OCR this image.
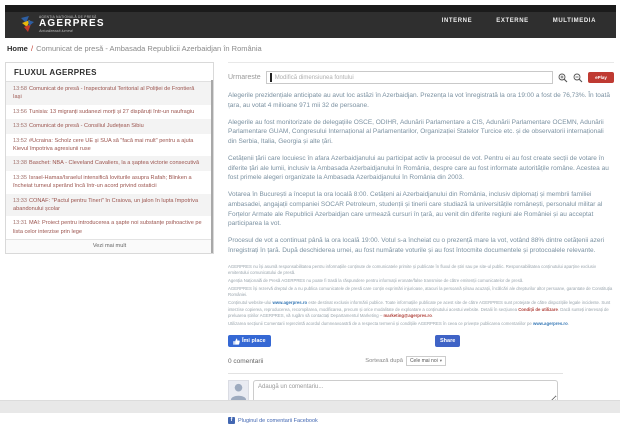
AGENȚIA NAȚIONALĂ DE PRESĂ
AGERPRES
Actualizează lumea!
INTERNE	EXTERNE	MULTIMEDIA
Home / Comunicat de presă - Ambasada Republicii Azerbaidjan în România
FLUXUL AGERPRES
13:58 Comunicat de presă - Inspectoratul Teritorial al Poliției de Frontieră Iași
13:56 Tunisia: 13 migranți sudanezi morți și 27 dispăruți într-un naufragiu
13:53 Comunicat de presă - Consiliul Județean Sibiu
13:52 #Ucraina: Scholz cere UE și SUA să "facă mai mult" pentru a ajuta Kievul împotriva agresiunii ruse
13:38 Baschet: NBA - Cleveland Cavaliers, la a șaptea victorie consecutivă
13:35 Israel-Hamas/Israelul intensifică loviturile asupra Rafah; Blinken a încheiat turneul sperând încă într-un acord privind ostaticii
13:33 CONAF: "Pactul pentru Tineri" în Craiova, un jalon în lupta împotriva abandonului școlar
13:31 MAI: Proiect pentru introducerea a șapte noi substanțe psihoactive pe lista celor interzise prin lege
Vezi mai mult
Urmareste Modifică dimensiunea fontului	ePlay

Alegerile prezidențiale anticipate au avut loc astăzi în Azerbaidjan. Prezența la vot înregistrată la ora 19:00 a fost de 76,73%. În toată țara, au votat 4 milioane 971 mii 32 de persoane.

Alegerile au fost monitorizate de delegațiile OSCE, ODIHR, Adunării Parlamentare a CIS, Adunării Parlamentare OCEMN, Adunării Parlamentare GUAM, Congresului Internațional al Parlamentarilor, Organizației Statelor Turcice etc. și de observatorii internaționali din Serbia, Italia, Georgia și alte țări.

Cetățenii țării care locuiesc în afara Azerbaidjanului au participat activ la procesul de vot. Pentru ei au fost create secții de votare în diferite țări ale lumii, inclusiv la Ambasada Azerbaidjanului în România, despre care au fost informate autoritățile române. Acestea au fost primele alegeri organizate la Ambasada Azerbaidjanului în România din 2003.

Votarea în București a început la ora locală 8:00. Cetățeni ai Azerbaidjanului din România, inclusiv diplomați și membrii familiei ambasadei, angajații companiei SOCAR Petroleum, studenții și tinerii care studiază la universitățile românești, personalul militar al Forțelor Armate ale Republicii Azerbaidjan care urmează cursuri în țară, au venit din diferite regiuni ale României și au acceptat participarea la vot.

Procesul de vot a continuat până la ora locală 19:00. Votul s-a încheiat cu o prezență mare la vot, votând 88% dintre cetățenii azeri înregistrați în țară. După deschiderea urnei, au fost numărate voturile și au fost întocmite documentele și protocoalele relevante.

AGERPRES nu își asumă responsabilitatea pentru informațiile conținute de comunicatele primite și publicate în fluxul de știri sau pe site-ul public. Responsabilitatea conținutului aparține exclusiv emitentului comunicatului de presă.

Agenția Națională de Presă AGERPRES nu poate fi trasă la răspundere pentru informații eronate/false transmise de către emitenții comunicatelor de presă.

AGERPRES își rezervă dreptul de a nu publica comunicatele de presă care conțin exprimări injurioase, atacuri la persoană și/sau acuzații, încălcări ale drepturilor altor persoane, garantate de Constituția României.

Conținutul website-ului www.agerpres.ro este destinat exclusiv informării publice. Toate informațiile publicate pe acest site de către AGERPRES sunt protejate de către dispozițiile legale incidente. Sunt interzise copierea, reproducerea, recompilarea, modificarea, precum și orice modalitate de exploatare a conținutului acestui website. Detalii în secțiunea Condiții de utilizare. Dacă sunteți interesați de preluarea știrilor AGERPRES, vă rugăm să contactați Departamentul Marketing – marketing@agerpres.ro.

Utilizarea secțiunii Comentarii reprezintă acordul dumneavoastră de a respecta termenii și condițiile AGERPRES în ceea ce privește publicarea comentariilor pe www.agerpres.ro.

Îmi place	Share
0 comentarii	Sortează după Cele mai noi ▾
Adaugă un comentariu...
f	Pluginul de comentarii Facebook
